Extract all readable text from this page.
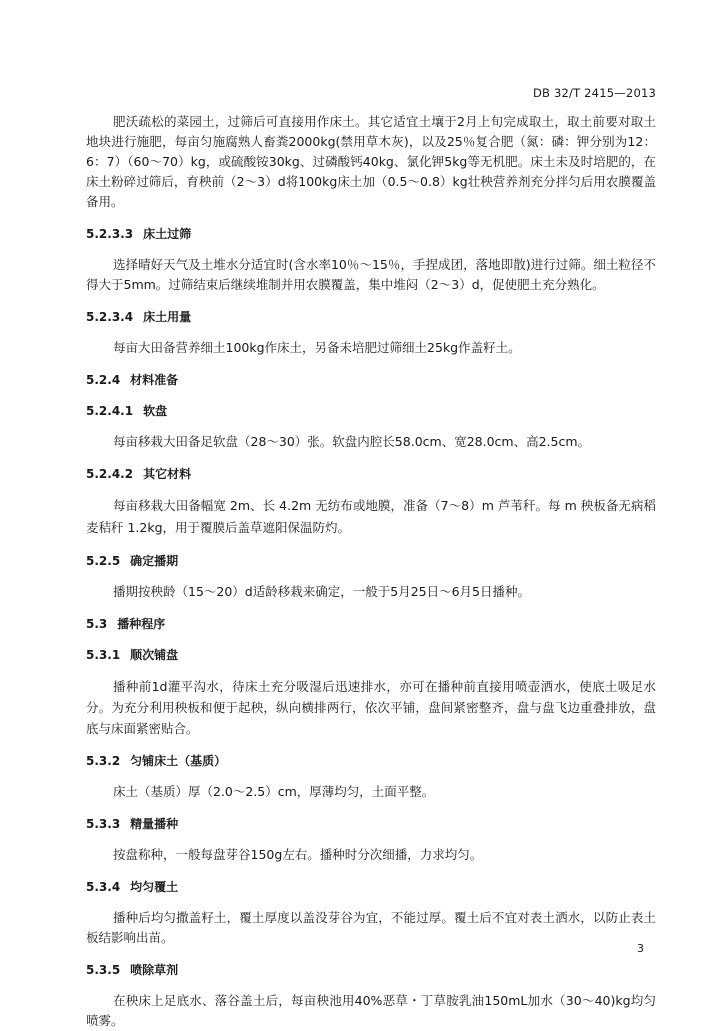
DB 32/T 2415—2013

肥沃疏松的菜园土，过筛后可直接用作床土。其它适宜土壤于2月上旬完成取土，取土前要对取土地块进行施肥，每亩匀施腐熟人畜粪2000kg(禁用草木灰)，以及25％复合肥（氮：磷：钾分别为12：6：7）（60～70）kg，或硫酸铵30kg、过磷酸钙40kg、氯化钾5kg等无机肥。床土未及时培肥的，在床土粉碎过筛后，育秧前（2～3）d将100kg床土加（0.5～0.8）kg壮秧营养剂充分拌匀后用农膜覆盖备用。

5.2.3.3 床土过筛

选择晴好天气及土堆水分适宜时(含水率10％～15％，手捏成团，落地即散)进行过筛。细土粒径不得大于5mm。过筛结束后继续堆制并用农膜覆盖，集中堆闷（2～3）d，促使肥土充分熟化。

5.2.3.4 床土用量

每亩大田备营养细土100kg作床土，另备未培肥过筛细土25kg作盖籽土。

5.2.4 材料准备
5.2.4.1 软盘

每亩移栽大田备足软盘（28～30）张。软盘内腔长58.0cm、宽28.0cm、高2.5cm。

5.2.4.2 其它材料

每亩移栽大田备幅宽 2m、长 4.2m 无纺布或地膜，准备（7～8）m 芦苇秆。每 m 秧板备无病稻麦秸秆 1.2kg，用于覆膜后盖草遮阳保温防灼。

5.2.5 确定播期

播期按秧龄（15～20）d适龄移栽来确定，一般于5月25日～6月5日播种。

5.3 播种程序
5.3.1 顺次铺盘

播种前1d灌平沟水，待床土充分吸湿后迅速排水，亦可在播种前直接用喷壶洒水，使底土吸足水分。为充分利用秧板和便于起秧，纵向横排两行，依次平铺，盘间紧密整齐，盘与盘飞边重叠排放，盘底与床面紧密贴合。

5.3.2 匀铺床土（基质）

床土（基质）厚（2.0～2.5）cm，厚薄均匀，土面平整。

5.3.3 精量播种

按盘称种，一般每盘芽谷150g左右。播种时分次细播，力求均匀。

5.3.4 均匀覆土

播种后均匀撒盖籽土，覆土厚度以盖没芽谷为宜，不能过厚。覆土后不宜对表土洒水，以防止表土板结影响出苗。

5.3.5 喷除草剂

在秧床上足底水、落谷盖土后，每亩秧池用40%恶草・丁草胺乳油150mL加水（30～40)kg均匀喷雾。

3
